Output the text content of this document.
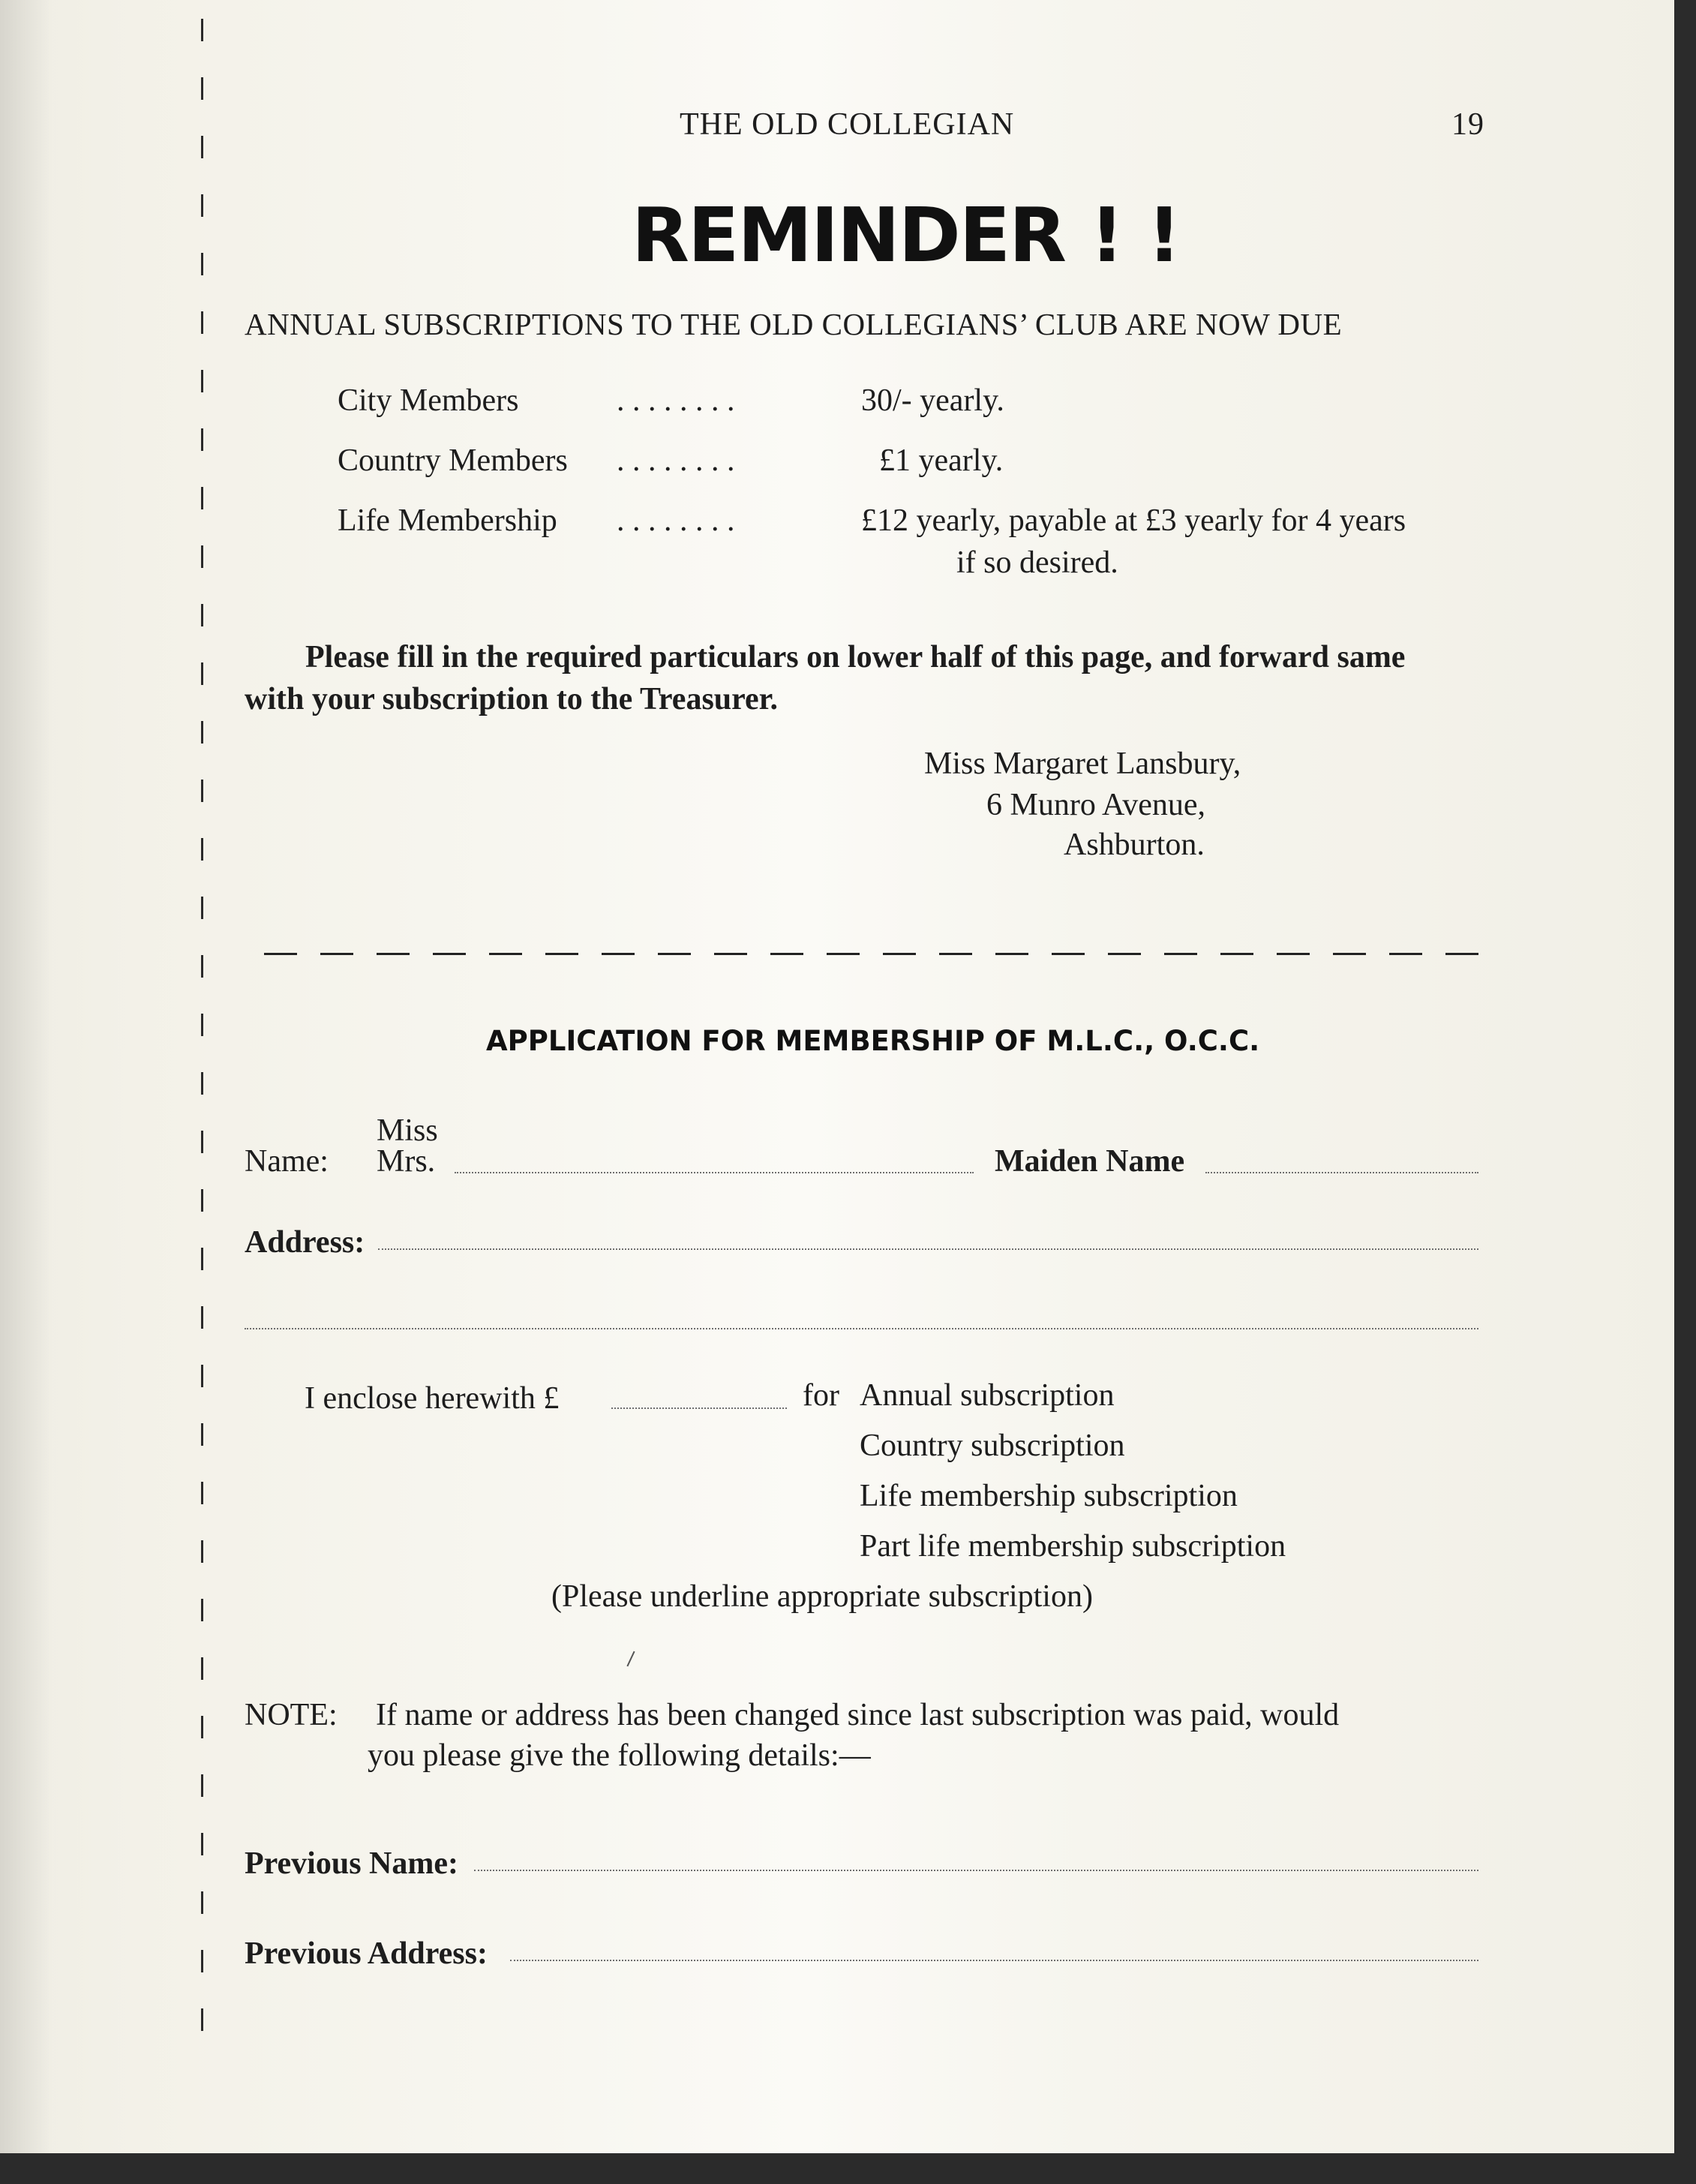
THE OLD COLLEGIAN	19
REMINDER ! !
ANNUAL SUBSCRIPTIONS TO THE OLD COLLEGIANS’ CLUB ARE NOW DUE
City Members	. . . . . . . .	30/- yearly.
Country Members . . . . . . . .	£1 yearly.
Life Membership . . . . . . . .	£12 yearly, payable at £3 yearly for 4 years
if so desired.
Please fill in the required particulars on lower half of this page, and forward same
with your subscription to the Treasurer.
Miss Margaret Lansbury,
6 Munro Avenue,
Ashburton.
APPLICATION FOR MEMBERSHIP OF M.L.C., O.C.C.
Miss
Name: Mrs.	Maiden Name
Address:
I enclose herewith £	for Annual subscription
Country subscription
Life membership subscription
Part life membership subscription
(Please underline appropriate subscription)
NOTE: If name or address has been changed since last subscription was paid, would
you please give the following details:—
Previous Name:
Previous Address:
